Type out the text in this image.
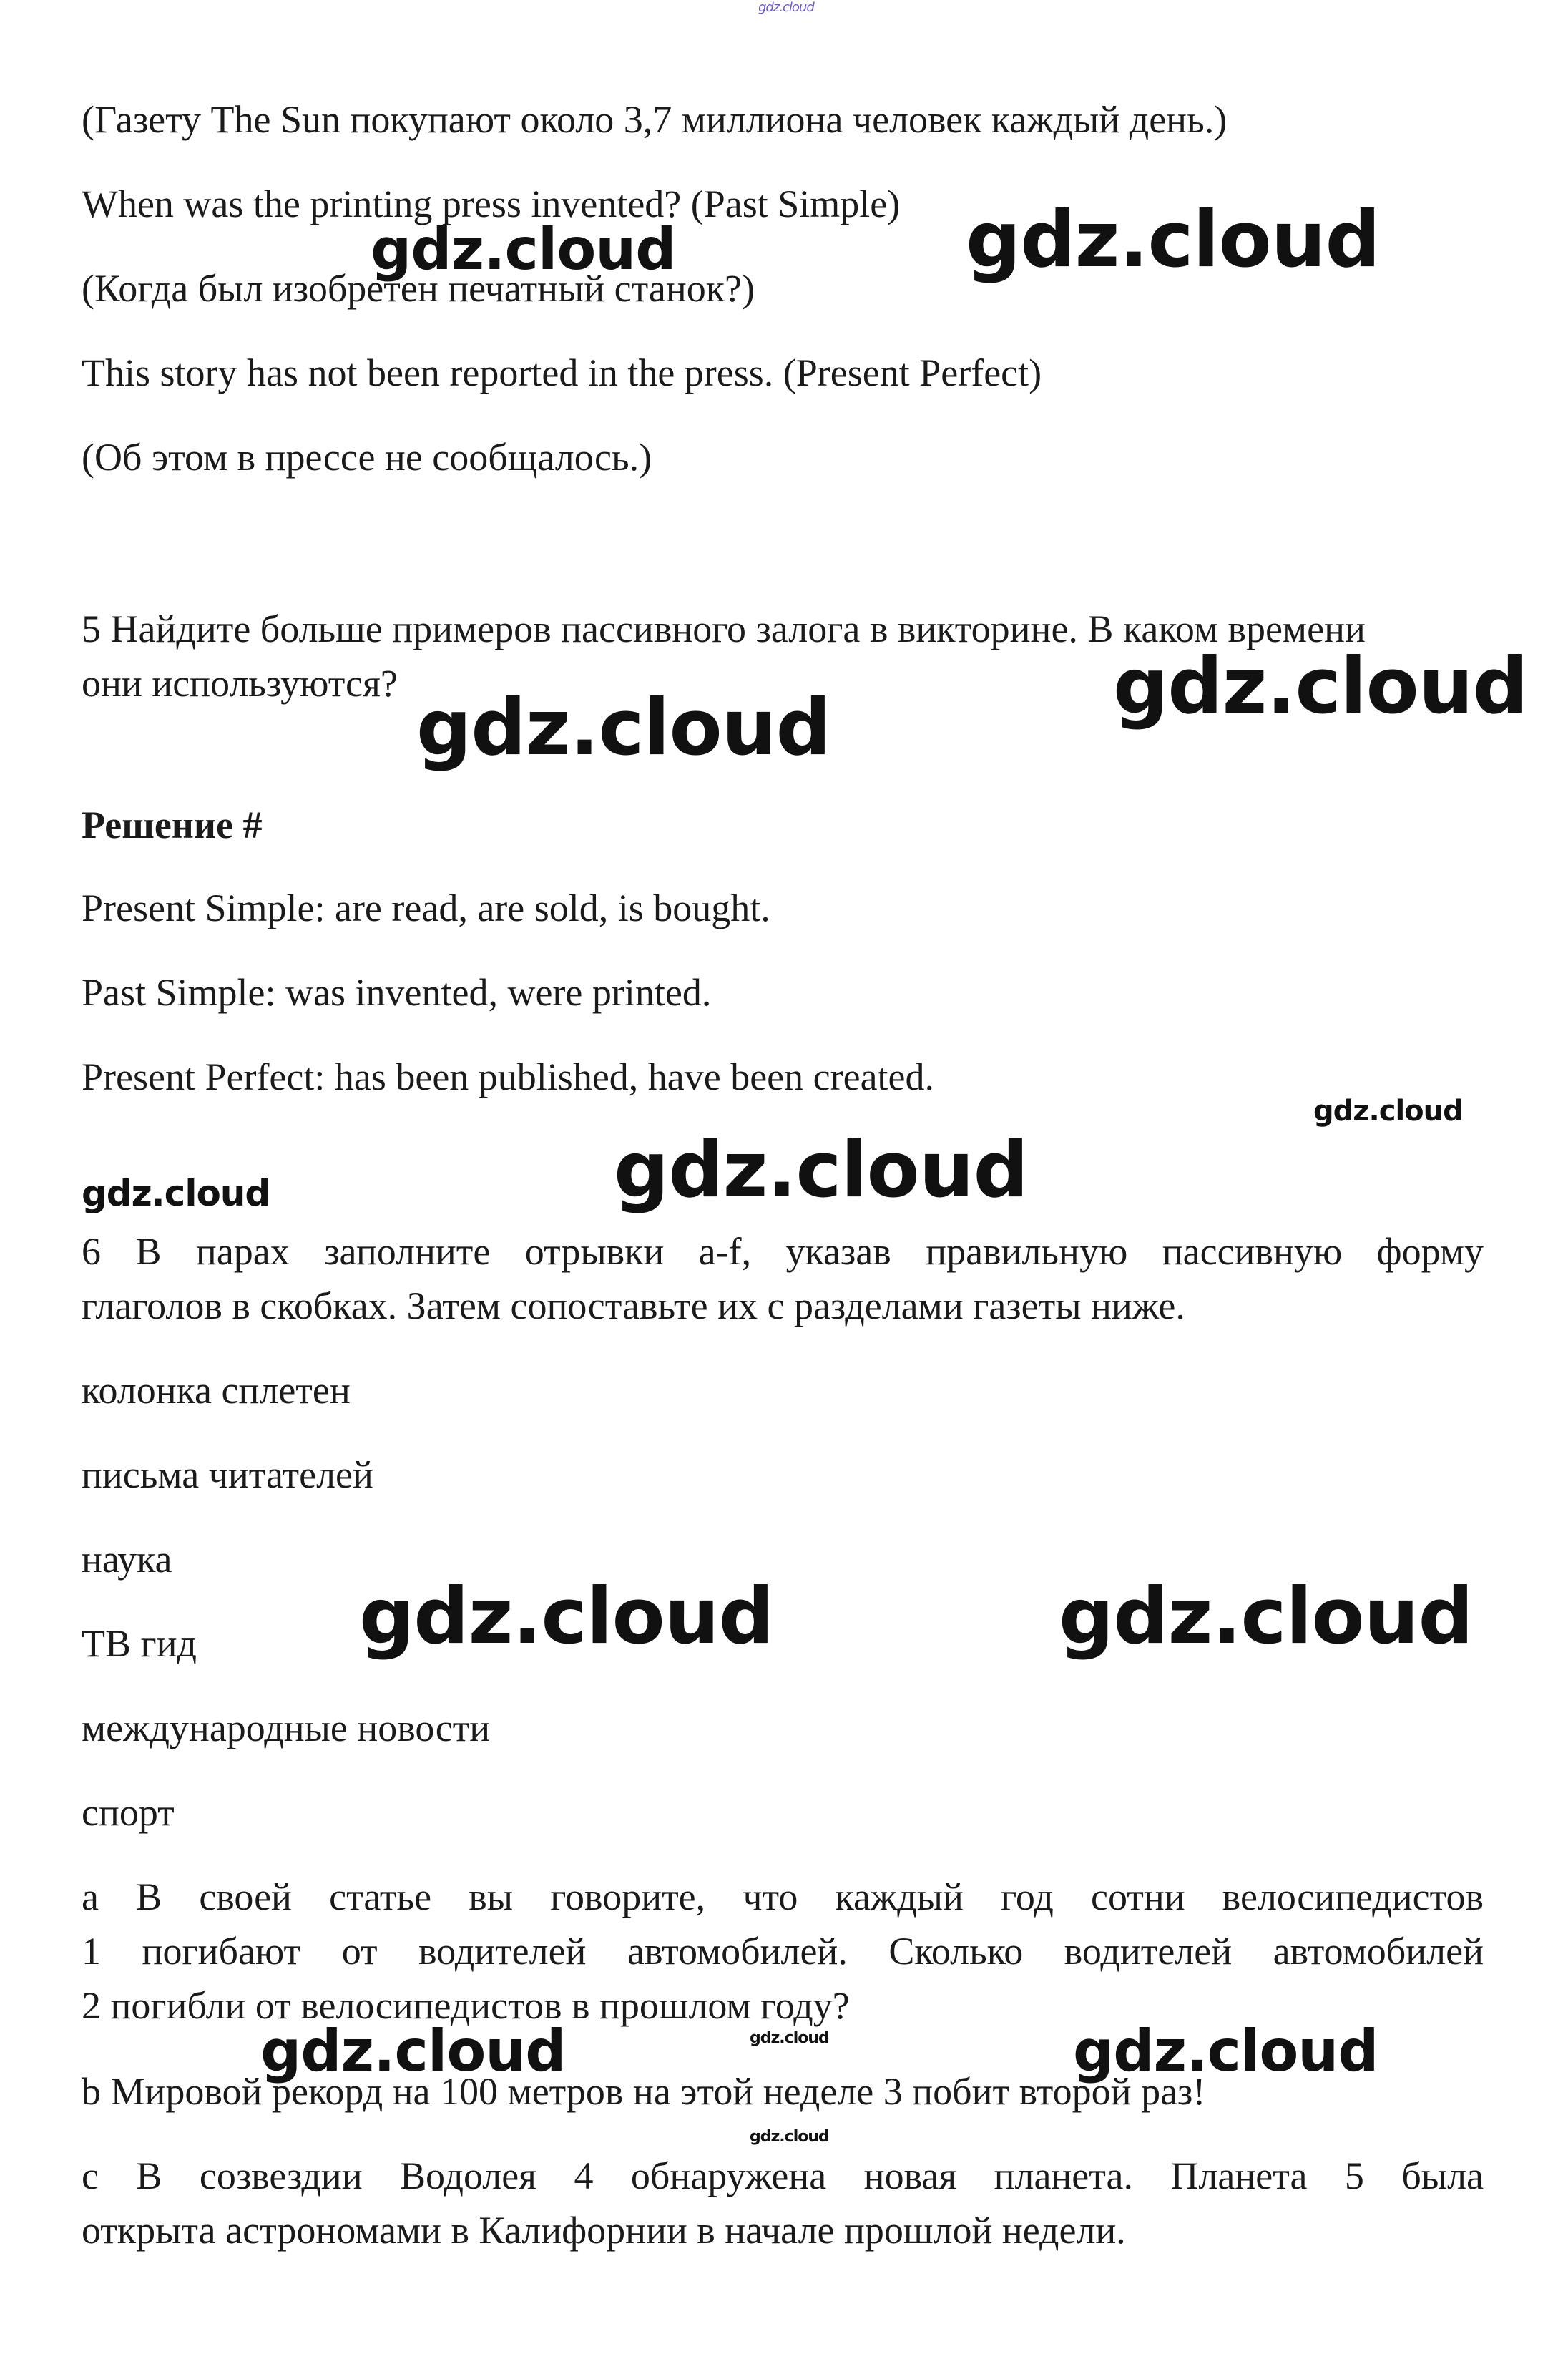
gdz.cloud
(Газету The Sun покупают около 3,7 миллиона человек каждый день.)
When was the printing press invented? (Past Simple)
(Когда был изобретен печатный станок?)
This story has not been reported in the press. (Present Perfect)
(Об этом в прессе не сообщалось.)
5 Найдите больше примеров пассивного залога в викторине. В каком времени
они используются?
Решение #
Present Simple: are read, are sold, is bought.
Past Simple: was invented, were printed.
Present Perfect: has been published, have been created.
6 В парах заполните отрывки a-f, указав правильную пассивную форму
глаголов в скобках. Затем сопоставьте их с разделами газеты ниже.
колонка сплетен
письма читателей
наука
ТВ гид
международные новости
спорт
a В своей статье вы говорите, что каждый год сотни велосипедистов
1 погибают от водителей автомобилей. Сколько водителей автомобилей
2 погибли от велосипедистов в прошлом году?
b Мировой рекорд на 100 метров на этой неделе 3 побит второй раз!
c В созвездии Водолея 4 обнаружена новая планета. Планета 5 была
открыта астрономами в Калифорнии в начале прошлой недели.
gdz.cloud	gdz.cloud
gdz.cloud
gdz.cloud
gdz.cloud
gdz.cloud
gdz.cloud
gdz.cloud	gdz.cloud
gdz.cloud	gdz.cloud
gdz.cloud
gdz.cloud
